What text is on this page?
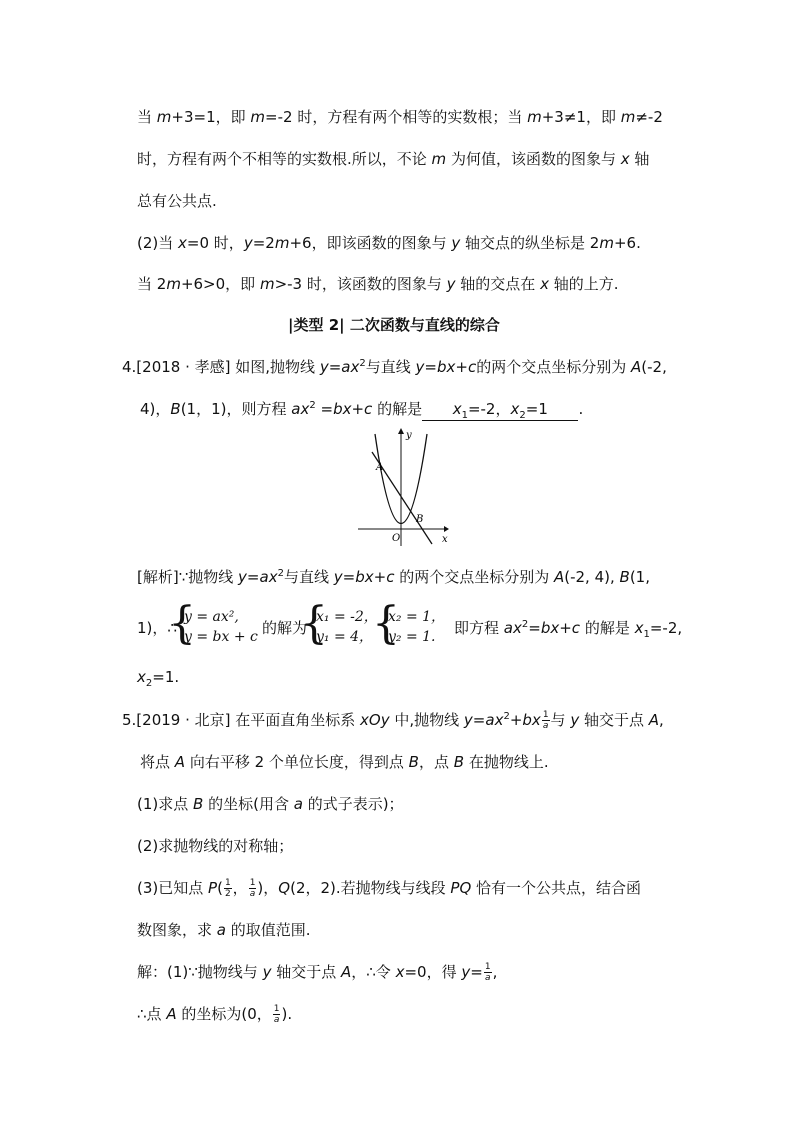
当 m+3=1，即 m=-2 时，方程有两个相等的实数根；当 m+3≠1，即 m≠-2
时，方程有两个不相等的实数根.所以，不论 m 为何值，该函数的图象与 x 轴
总有公共点.
(2)当 x=0 时，y=2m+6，即该函数的图象与 y 轴交点的纵坐标是 2m+6.
当 2m+6>0，即 m>-3 时，该函数的图象与 y 轴的交点在 x 轴的上方.
|类型 2| 二次函数与直线的综合
4.[2018 · 孝感] 如图,抛物线 $y=ax^2$与直线 y=bx+c的两个交点坐标分别为 A(-2,
4)，B(1，1)，则方程 $ax^2 =bx+c$ 的解是 $x_1=-2$，$x_2=1$ .
y
x
O
A
B
[解析]∵抛物线 $y=ax^2$与直线 y=bx+c 的两个交点坐标分别为 A(-2, 4), B(1,
1)，∴
{
y = ax²,
y = bx + c 的解为
{
x₁ = -2，
y₁ = 4，
{
x₂ = 1，
y₂ = 1.	即方程 $ax^2=bx+c$ 的解是 $x_1=-2$,
$x_2=1$.
5.[2019 · 北京] 在平面直角坐标系 xOy 中,抛物线 $y=ax^2+bx \frac{1}{a}$ 与 y 轴交于点 A,
将点 A 向右平移 2 个单位长度，得到点 B，点 B 在抛物线上.
(1)求点 B 的坐标(用含 a 的式子表示)；
(2)求抛物线的对称轴；
(3)已知点 $P( \frac{1}{2}$ ， $\frac{1}{a}$ )，Q(2，2).若抛物线与线段 PQ 恰有一个公共点，结合函
数图象，求 a 的取值范围.
解：(1)∵抛物线与 y 轴交于点 A，∴令 x=0，得 $y= \frac{1}{a}$ ,
∴点 A 的坐标为(0， $\frac{1}{a}$ ).
